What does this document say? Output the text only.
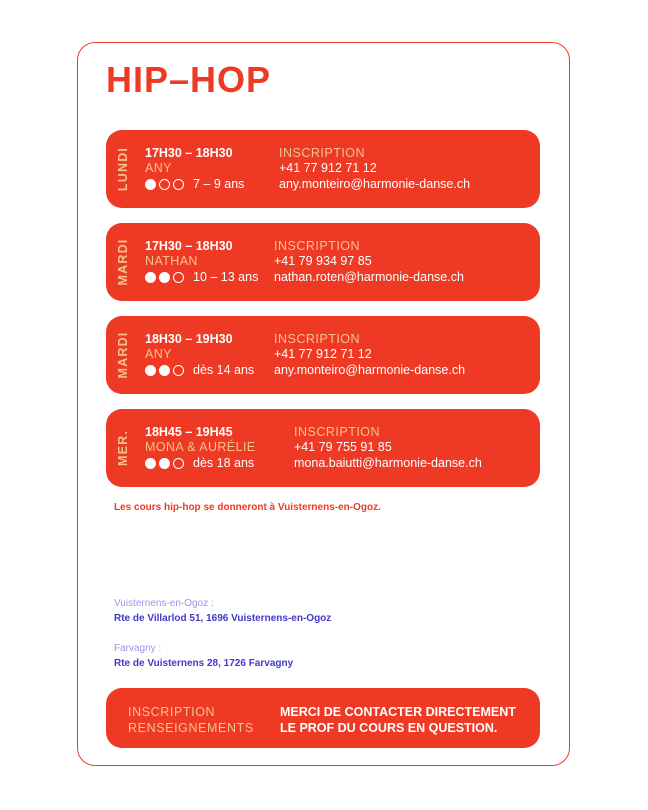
HIP–HOP
LUNDI 17H30 – 18H30
ANY
7 – 9 ans
INSCRIPTION
+41 77 912 71 12
any.monteiro@harmonie-danse.ch
MARDI 17H30 – 18H30
NATHAN
10 – 13 ans
INSCRIPTION
+41 79 934 97 85
nathan.roten@harmonie-danse.ch
MARDI 18H30 – 19H30
ANY
dès 14 ans
INSCRIPTION
+41 77 912 71 12
any.monteiro@harmonie-danse.ch
MER. 18H45 – 19H45
MONA & AURÉLIE
dès 18 ans
INSCRIPTION
+41 79 755 91 85
mona.baiutti@harmonie-danse.ch
Les cours hip-hop se donneront à Vuisternens-en-Ogoz.
Vuisternens-en-Ogoz :
Rte de Villarlod 51, 1696 Vuisternens-en-Ogoz
Farvagny :
Rte de Vuisternens 28, 1726 Farvagny
INSCRIPTION
RENSEIGNEMENTS
MERCI DE CONTACTER DIRECTEMENT
LE PROF DU COURS EN QUESTION.
